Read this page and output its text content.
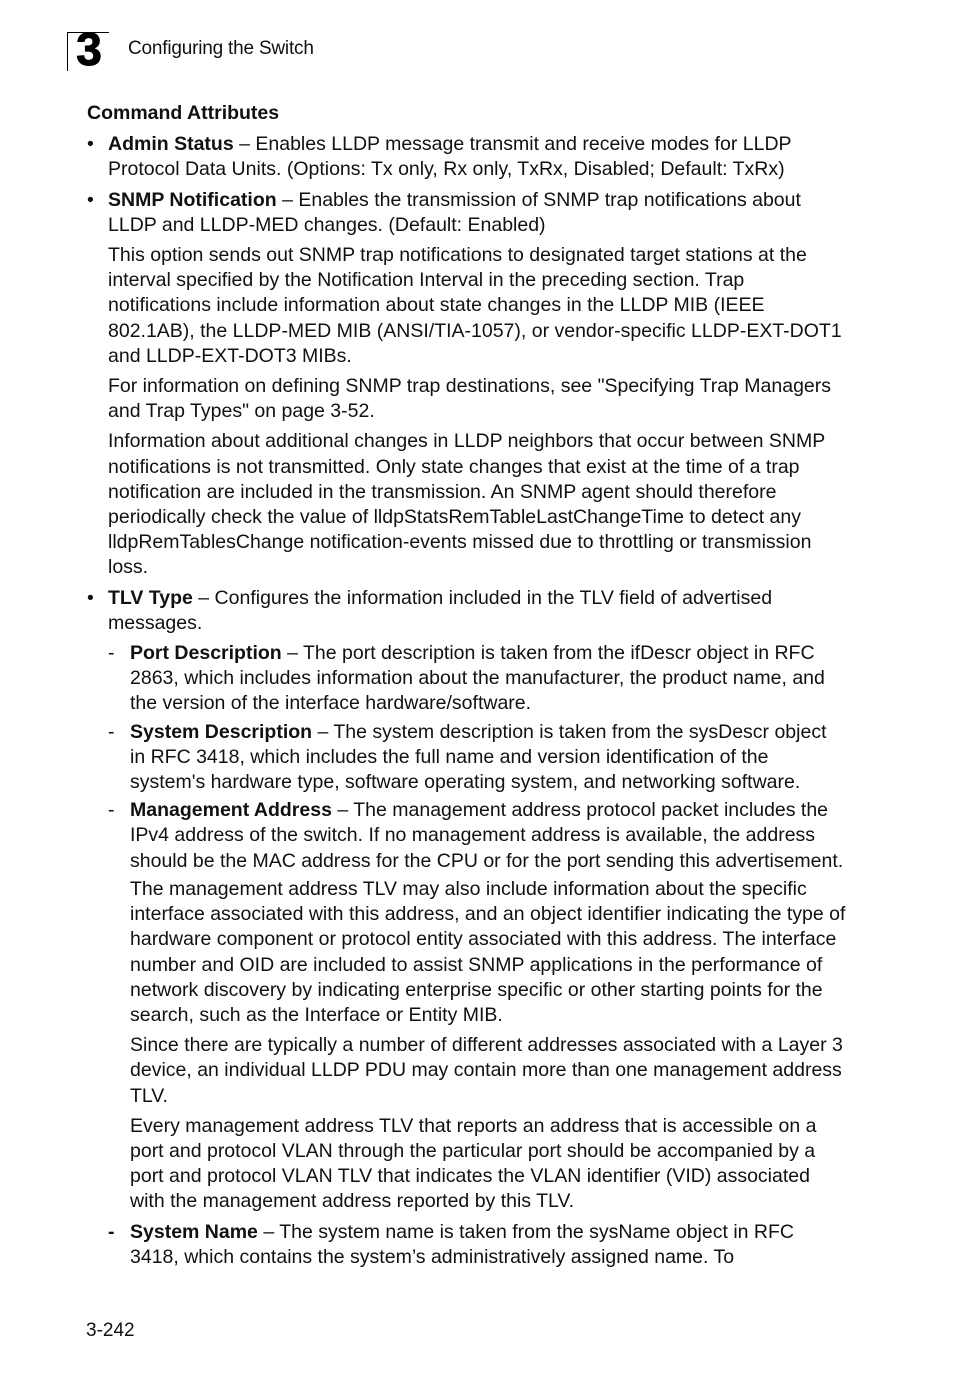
3	Configuring the Switch
Command Attributes
• Admin Status – Enables LLDP message transmit and receive modes for LLDP Protocol Data Units. (Options: Tx only, Rx only, TxRx, Disabled; Default: TxRx)
• SNMP Notification – Enables the transmission of SNMP trap notifications about LLDP and LLDP-MED changes. (Default: Enabled)
This option sends out SNMP trap notifications to designated target stations at the interval specified by the Notification Interval in the preceding section. Trap notifications include information about state changes in the LLDP MIB (IEEE 802.1AB), the LLDP-MED MIB (ANSI/TIA-1057), or vendor-specific LLDP-EXT-DOT1 and LLDP-EXT-DOT3 MIBs.
For information on defining SNMP trap destinations, see "Specifying Trap Managers and Trap Types" on page 3-52.
Information about additional changes in LLDP neighbors that occur between SNMP notifications is not transmitted. Only state changes that exist at the time of a trap notification are included in the transmission. An SNMP agent should therefore periodically check the value of lldpStatsRemTableLastChangeTime to detect any lldpRemTablesChange notification-events missed due to throttling or transmission loss.
• TLV Type – Configures the information included in the TLV field of advertised messages.
- Port Description – The port description is taken from the ifDescr object in RFC 2863, which includes information about the manufacturer, the product name, and the version of the interface hardware/software.
- System Description – The system description is taken from the sysDescr object in RFC 3418, which includes the full name and version identification of the system's hardware type, software operating system, and networking software.
- Management Address – The management address protocol packet includes the IPv4 address of the switch. If no management address is available, the address should be the MAC address for the CPU or for the port sending this advertisement.
The management address TLV may also include information about the specific interface associated with this address, and an object identifier indicating the type of hardware component or protocol entity associated with this address. The interface number and OID are included to assist SNMP applications in the performance of network discovery by indicating enterprise specific or other starting points for the search, such as the Interface or Entity MIB.
Since there are typically a number of different addresses associated with a Layer 3 device, an individual LLDP PDU may contain more than one management address TLV.
Every management address TLV that reports an address that is accessible on a port and protocol VLAN through the particular port should be accompanied by a port and protocol VLAN TLV that indicates the VLAN identifier (VID) associated with the management address reported by this TLV.
- System Name – The system name is taken from the sysName object in RFC 3418, which contains the system’s administratively assigned name. To
3-242
